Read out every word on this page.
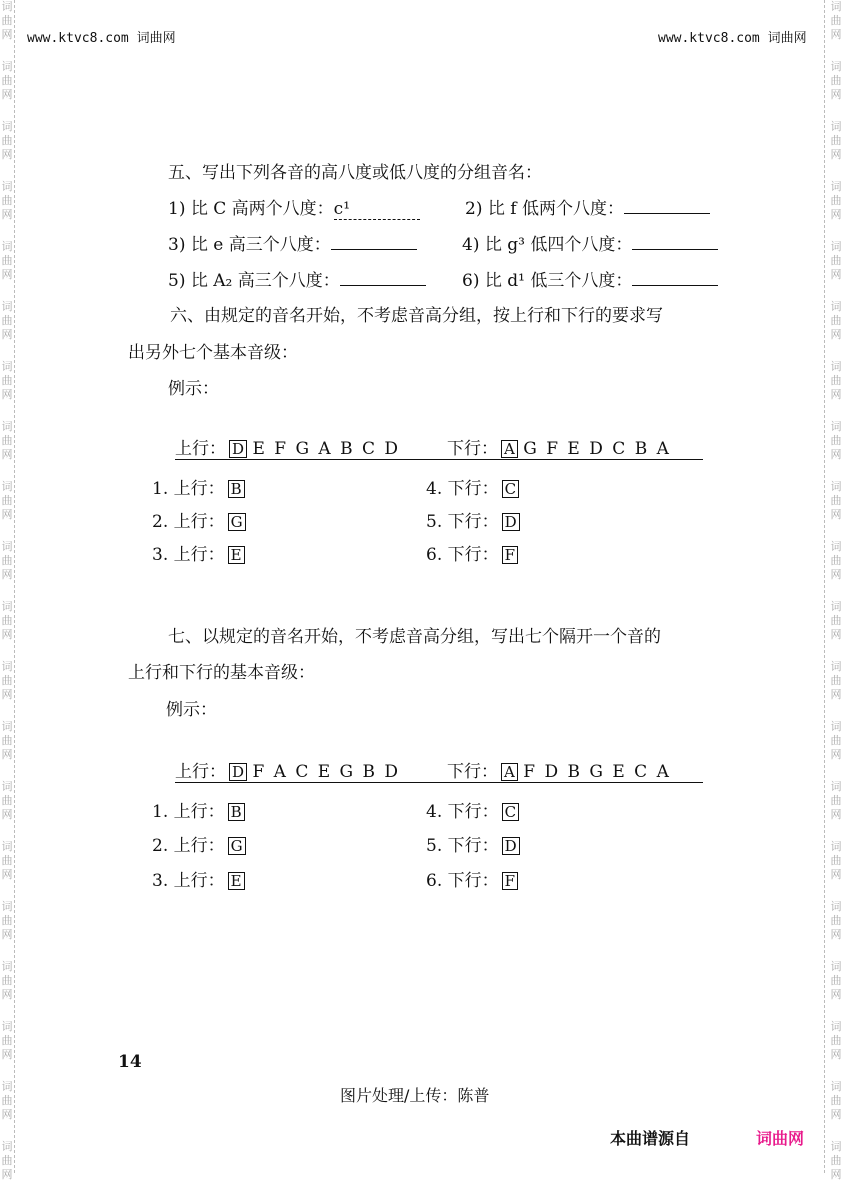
词
曲
网
词
曲
网
词
曲
网
词
曲
网
词
曲
网
词
曲
网
词
曲
网
词
曲
网
词
曲
网
词
曲
网
词
曲
网
词
曲
网
词
曲
网
词
曲
网
词
曲
网
词
曲
网
词
曲
网
词
曲
网
词
曲
网
词
曲
网
词
曲
网
词
曲
网
词
曲
网
词
曲
网
词
曲
网
词
曲
网
词
曲
网
词
曲
网
词
曲
网
词
曲
网
词
曲
网
词
曲
网
词
曲
网
词
曲
网
词
曲
网
词
曲
网
词
曲
网
词
曲
网
词
曲
网
词
曲
网
www.ktvc8.com 词曲网	www.ktvc8.com 词曲网
五、写出下列各音的高八度或低八度的分组音名：
1) 比 C 高两个八度：c¹	2) 比 f 低两个八度：
3) 比 e 高三个八度：	4) 比 g³ 低四个八度：
5) 比 A₂ 高三个八度：	6) 比 d¹ 低三个八度：
六、由规定的音名开始，不考虑音高分组，按上行和下行的要求写
出另外七个基本音级：
例示：
上行： D E F G A B C D	下行： A G F E D C B A
1. 上行： B	4. 下行： C
2. 上行： G	5. 下行： D
3. 上行： E	6. 下行： F
七、以规定的音名开始，不考虑音高分组，写出七个隔开一个音的
上行和下行的基本音级：
例示：
上行： D F A C E G B D	下行： A F D B G E C A
1. 上行： B	4. 下行： C
2. 上行： G	5. 下行： D
3. 上行： E	6. 下行： F
14
图片处理/上传：陈普
本曲谱源自	词曲网
